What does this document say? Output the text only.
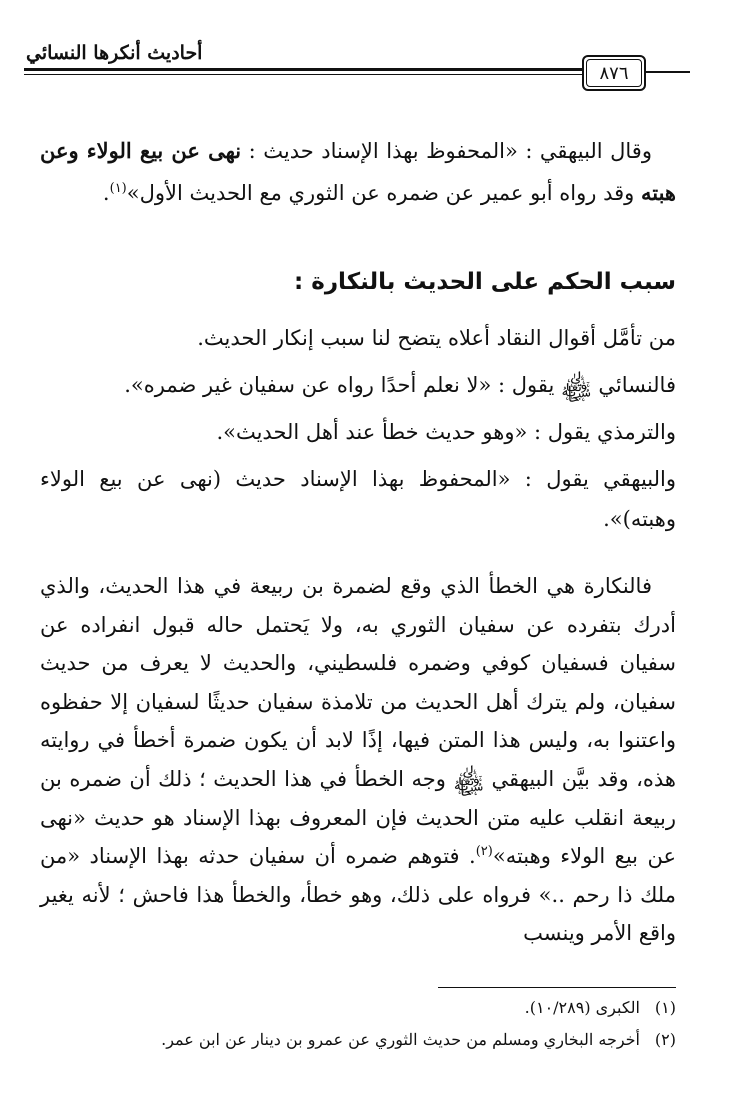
أحاديث أنكرها النسائي
٨٧٦

وقال البيهقي : «المحفوظ بهذا الإسناد حديث : نهى عن بيع الولاء وعن هبته وقد رواه أبو عمير عن ضمره عن الثوري مع الحديث الأول»$^{(١)}$.

سبب الحكم على الحديث بالنكارة :

من تأمَّل أقوال النقاد أعلاه يتضح لنا سبب إنكار الحديث.

فالنسائي ﷾ يقول : «لا نعلم أحدًا رواه عن سفيان غير ضمره».

والترمذي يقول : «وهو حديث خطأ عند أهل الحديث».

والبيهقي يقول : «المحفوظ بهذا الإسناد حديث (نهى عن بيع الولاء وهبته)».

فالنكارة هي الخطأ الذي وقع لضمرة بن ربيعة في هذا الحديث، والذي أدرك بتفرده عن سفيان الثوري به، ولا يَحتمل حاله قبول انفراده عن سفيان فسفيان كوفي وضمره فلسطيني، والحديث لا يعرف من حديث سفيان، ولم يترك أهل الحديث من تلامذة سفيان حديثًا لسفيان إلا حفظوه واعتنوا به، وليس هذا المتن فيها، إذًا لابد أن يكون ضمرة أخطأ في روايته هذه، وقد بيَّن البيهقي ﷾ وجه الخطأ في هذا الحديث ؛ ذلك أن ضمره بن ربيعة انقلب عليه متن الحديث فإن المعروف بهذا الإسناد هو حديث «نهى عن بيع الولاء وهبته»$^{(٢)}$. فتوهم ضمره أن سفيان حدثه بهذا الإسناد «من ملك ذا رحم ..» فرواه على ذلك، وهو خطأ، والخطأ هذا فاحش ؛ لأنه يغير واقع الأمر وينسب

(١)الكبرى (١٠/٢٨٩).
(٢)أخرجه البخاري ومسلم من حديث الثوري عن عمرو بن دينار عن ابن عمر.
